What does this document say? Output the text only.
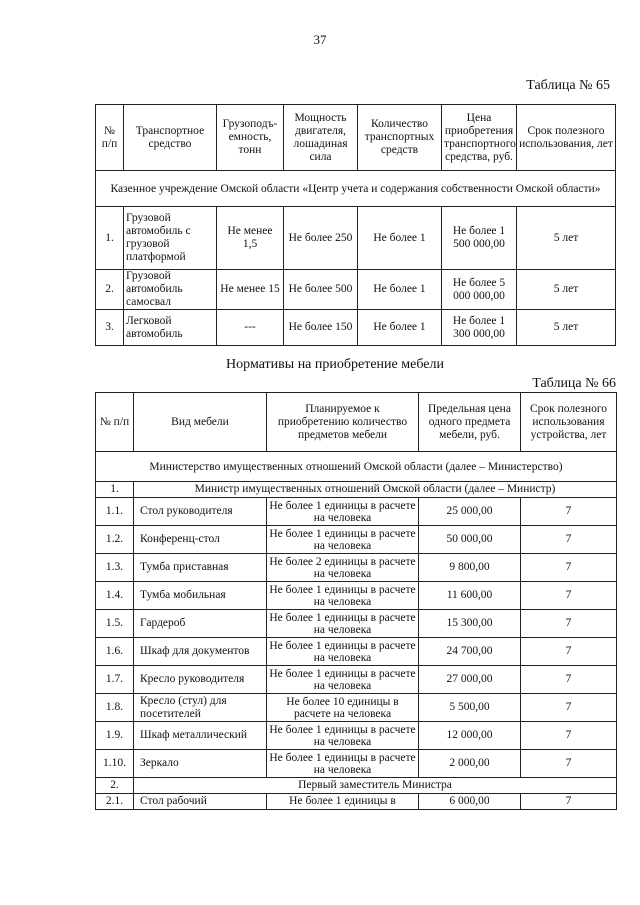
37
Таблица № 65
№ п/п	Транспортное средство	Грузоподъ-емность, тонн	Мощность двигателя, лошадиная сила	Количество транспортных средств	Цена приобретения транспортного средства, руб.	Срок полезного использования, лет
Казенное учреждение Омской области «Центр учета и содержания собственности Омской области»						
1.	Грузовой автомобиль с грузовой платформой	Не менее 1,5	Не более 250	Не более 1	Не более 1 500 000,00	5 лет
2.	Грузовой автомобиль самосвал	Не менее 15	Не более 500	Не более 1	Не более 5 000 000,00	5 лет
3.	Легковой автомобиль	---	Не более 150	Не более 1	Не более 1 300 000,00	5 лет
Нормативы на приобретение мебели
Таблица № 66
№ п/п	Вид мебели	Планируемое к приобретению количество предметов мебели	Предельная цена одного предмета мебели, руб.	Срок полезного использования устройства, лет
Министерство имущественных отношений Омской области (далее – Министерство)				
1.	Министр имущественных отношений Омской области (далее – Министр)			
1.1.	Стол руководителя	Не более 1 единицы в расчете на человека	25 000,00	7
1.2.	Конференц-стол	Не более 1 единицы в расчете на человека	50 000,00	7
1.3.	Тумба приставная	Не более 2 единицы в расчете на человека	9 800,00	7
1.4.	Тумба мобильная	Не более 1 единицы в расчете на человека	11 600,00	7
1.5.	Гардероб	Не более 1 единицы в расчете на человека	15 300,00	7
1.6.	Шкаф для документов	Не более 1 единицы в расчете на человека	24 700,00	7
1.7.	Кресло руководителя	Не более 1 единицы в расчете на человека	27 000,00	7
1.8.	Кресло (стул) для посетителей	Не более 10 единицы в расчете на человека	5 500,00	7
1.9.	Шкаф металлический	Не более 1 единицы в расчете на человека	12 000,00	7
1.10.	Зеркало	Не более 1 единицы в расчете на человека	2 000,00	7
2.	Первый заместитель Министра			
2.1.	Стол рабочий	Не более 1 единицы в	6 000,00	7
